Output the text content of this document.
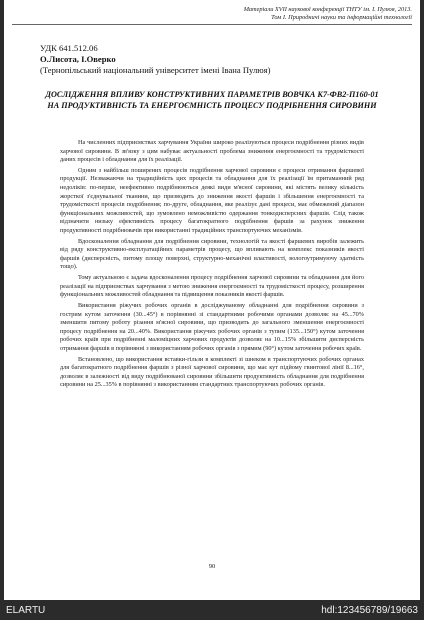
Матеріали XVІІ наукової конференції ТНТУ ім. І. Пулюя, 2013.
Том І. Природничі науки та інформаційні технології
УДК 641.512.06
О.Лисота, І.Оверко
(Тернопільський національний університет імені Івана Пулюя)
ДОСЛІДЖЕННЯ ВПЛИВУ КОНСТРУКТИВНИХ ПАРАМЕТРІВ ВОВЧКА К7-ФВ2-П160-01 НА ПРОДУКТИВНІСТЬ ТА ЕНЕРГОЄМНІСТЬ ПРОЦЕСУ ПОДРІБНЕННЯ СИРОВИНИ

На численних підприємствах харчування України широко реалізуються процеси подрібнення різних видів харчової сировини. В зв'язку з цим набуває актуальності проблема зниження енергоємності та трудомісткості даних процесів і обладнання для їх реалізації.

Одним з найбільш поширених процесів подрібнення харчової сировини є процеси отримання фаршевої продукції. Незважаючи на традиційність цих процесів та обладнання для їх реалізації їм притаманний ряд недоліків: по-перше, неефективно подрібнюються деякі види м'ясної сировини, які містять велику кількість жорсткої з'єднувальної тканини, що призводить до зниження якості фаршів і збільшення енергоємності та трудомісткості процесів подрібнення; по-друге, обладнання, яке реалізує дані процеси, має обмежений діапазон функціональних можливостей, що зумовлено неможливістю одержання тонкодисперсних фаршів. Слід також відзначити низьку ефективність процесу багатократного подрібнення фаршів за рахунок зниження продуктивності подрібнювачів при використанні традиційних транспортуючих механізмів.

Вдосконалення обладнання для подрібнення сировини, технологій та якості фаршевих виробів залежить від ряду конструктивно-експлуатаційних параметрів процесу, що впливають на комплекс показників якості фаршів (дисперсність, питому площу поверхні, структурно-механічні властивості, вологоутримуючу здатність тощо).

Тому актуальною є задача вдосконалення процесу подрібнення харчової сировини та обладнання для його реалізації на підприємствах харчування з метою зниження енергоємності та трудомісткості процесу, розширення функціональних можливостей обладнання та підвищення показників якості фаршів.

Використання ріжучих робочих органів в досліджуваному обладнанні для подрібнення сировини з гострим кутом заточення (30...45°) в порівнянні зі стандартними робочими органами дозволяє на 45...70% зменшити питому роботу різання м'ясної сировини, що призводить до загального зменшення енергоємності процесу подрібнення на 20...40%. Використання ріжучих робочих органів з тупим (135...150°) кутом заточення робочих країв при подрібненні маломіцних харчових продуктів дозволяє на 10...15% збільшити дисперсність отримання фаршів в порівнянні з використанням робочих органів з прямим (90°) кутом заточення робочих країв.

Встановлено, що використання вставки-гільзи в комплекті зі шнеком в транспортуючих робочих органах для багатократного подрібнення фаршів з різної харчової сировини, що має кут підйому гвинтової лінії 8...16°, дозволяє в залежності від виду подрібнюваної сировини збільшити продуктивність обладнання для подрібнення сировини на 25...35% в порівнянні з використанням стандартних транспортуючих робочих органів.

90
ELARTU	hdl:123456789/19663
